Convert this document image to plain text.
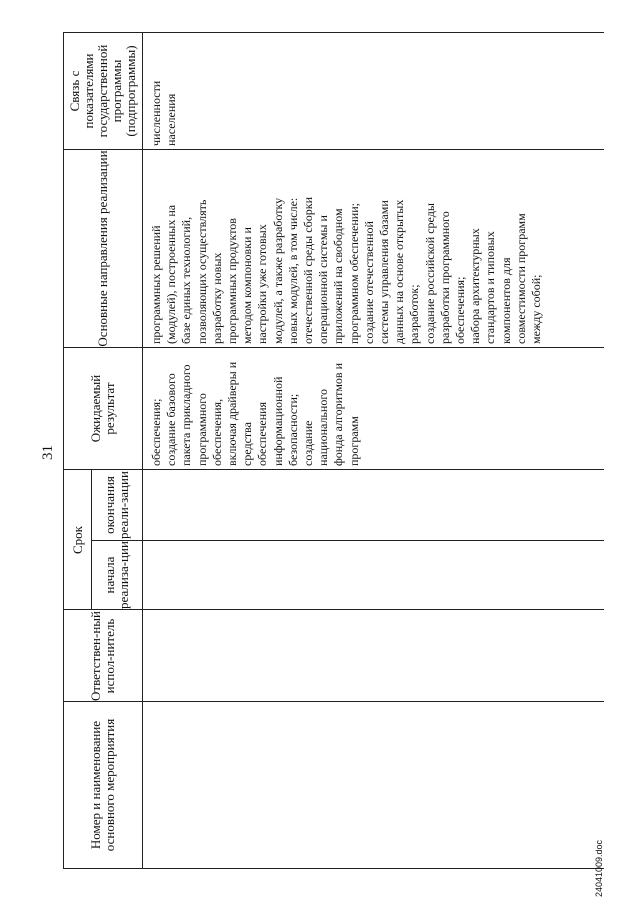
31
Номер и наименование основного мероприятия
Ответствен-ный испол-нитель
Срок
начала реализа-ции
окончания реали-зации
Ожидаемый результат
Основные направления реализации
Связь с показателями государственной программы (подпрограммы)
обеспечения;
создание базового
пакета прикладного
программного
обеспечения,
включая драйверы и
средства
обеспечения
информационной
безопасности;
создание
национального
фонда алгоритмов и
программ
программных решений
(модулей), построенных на
базе единых технологий,
позволяющих осуществлять
разработку новых
программных продуктов
методом компоновки и
настройки уже готовых
модулей, а также разработку
новых модулей, в том числе:
отечественной среды сборки
операционной системы и
приложений на свободном
программном обеспечении;
создание отечественной
системы управления базами
данных на основе открытых
разработок;
создание российской среды
разработки программного
обеспечения;
набора архитектурных
стандартов и типовых
компонентов для
совместимости программ
между собой;
численности
населения
24041009.doc
